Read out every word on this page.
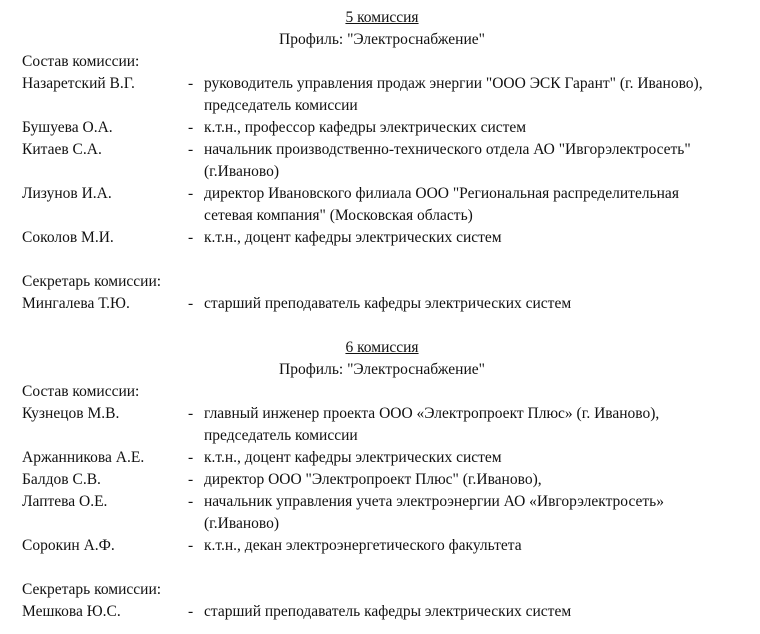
5 комиссия
Профиль: "Электроснабжение"
Состав комиссии:
Назаретский В.Г.	- руководитель управления продаж энергии "ООО ЭСК Гарант" (г. Иваново),
председатель комиссии
Бушуева О.А.	- к.т.н., профессор кафедры электрических систем
Китаев С.А.	- начальник производственно-технического отдела АО "Ивгорэлектросеть"
(г.Иваново)
Лизунов И.А.	- директор Ивановского филиала ООО "Региональная распределительная
сетевая компания" (Московская область)
Соколов М.И.	- к.т.н., доцент кафедры электрических систем
Секретарь комиссии:
Мингалева Т.Ю.	- старший преподаватель кафедры электрических систем
6 комиссия
Профиль: "Электроснабжение"
Состав комиссии:
Кузнецов М.В.	- главный инженер проекта ООО «Электропроект Плюс» (г. Иваново),
председатель комиссии
Аржанникова А.Е.	- к.т.н., доцент кафедры электрических систем
Балдов С.В.	- директор ООО "Электропроект Плюс" (г.Иваново),
Лаптева О.Е.	- начальник управления учета электроэнергии АО «Ивгорэлектросеть»
(г.Иваново)
Сорокин А.Ф.	- к.т.н., декан электроэнергетического факультета
Секретарь комиссии:
Мешкова Ю.С.	- старший преподаватель кафедры электрических систем
